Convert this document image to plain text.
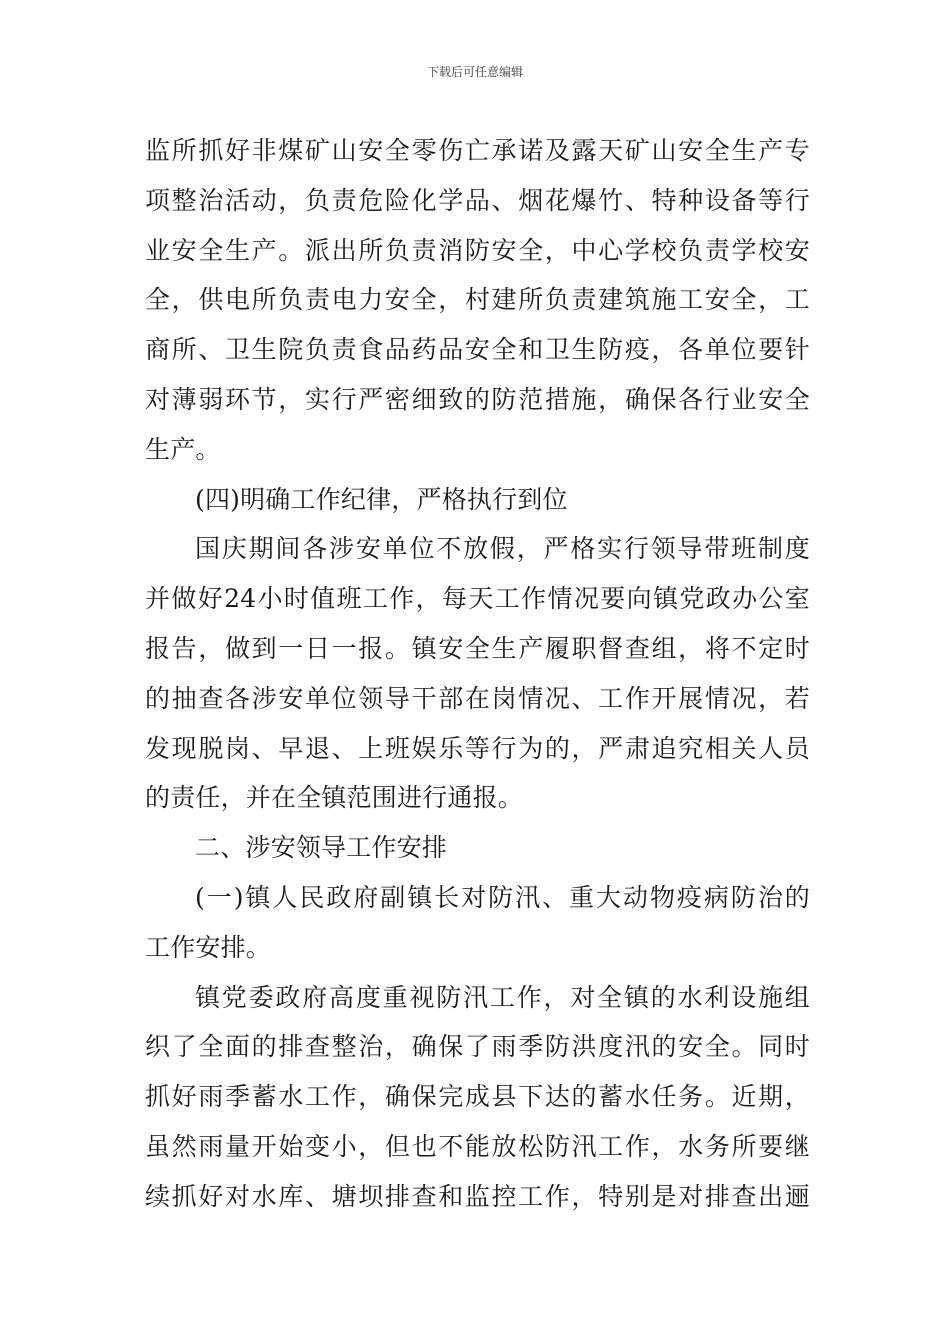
下载后可任意编辑
监所抓好非煤矿山安全零伤亡承诺及露天矿山安全生产专
项整治活动，负责危险化学品、烟花爆竹、特种设备等行
业安全生产。派出所负责消防安全，中心学校负责学校安
全，供电所负责电力安全，村建所负责建筑施工安全，工
商所、卫生院负责食品药品安全和卫生防疫，各单位要针
对薄弱环节，实行严密细致的防范措施，确保各行业安全
生产。
(四)明确工作纪律，严格执行到位
国庆期间各涉安单位不放假，严格实行领导带班制度
并做好24小时值班工作，每天工作情况要向镇党政办公室
报告，做到一日一报。镇安全生产履职督查组，将不定时
的抽查各涉安单位领导干部在岗情况、工作开展情况，若
发现脱岗、早退、上班娱乐等行为的，严肃追究相关人员
的责任，并在全镇范围进行通报。
二、涉安领导工作安排
(一)镇人民政府副镇长对防汛、重大动物疫病防治的
工作安排。
镇党委政府高度重视防汛工作，对全镇的水利设施组
织了全面的排查整治，确保了雨季防洪度汛的安全。同时
抓好雨季蓄水工作，确保完成县下达的蓄水任务。近期，
虽然雨量开始变小，但也不能放松防汛工作，水务所要继
续抓好对水库、塘坝排查和监控工作，特别是对排查出逦
